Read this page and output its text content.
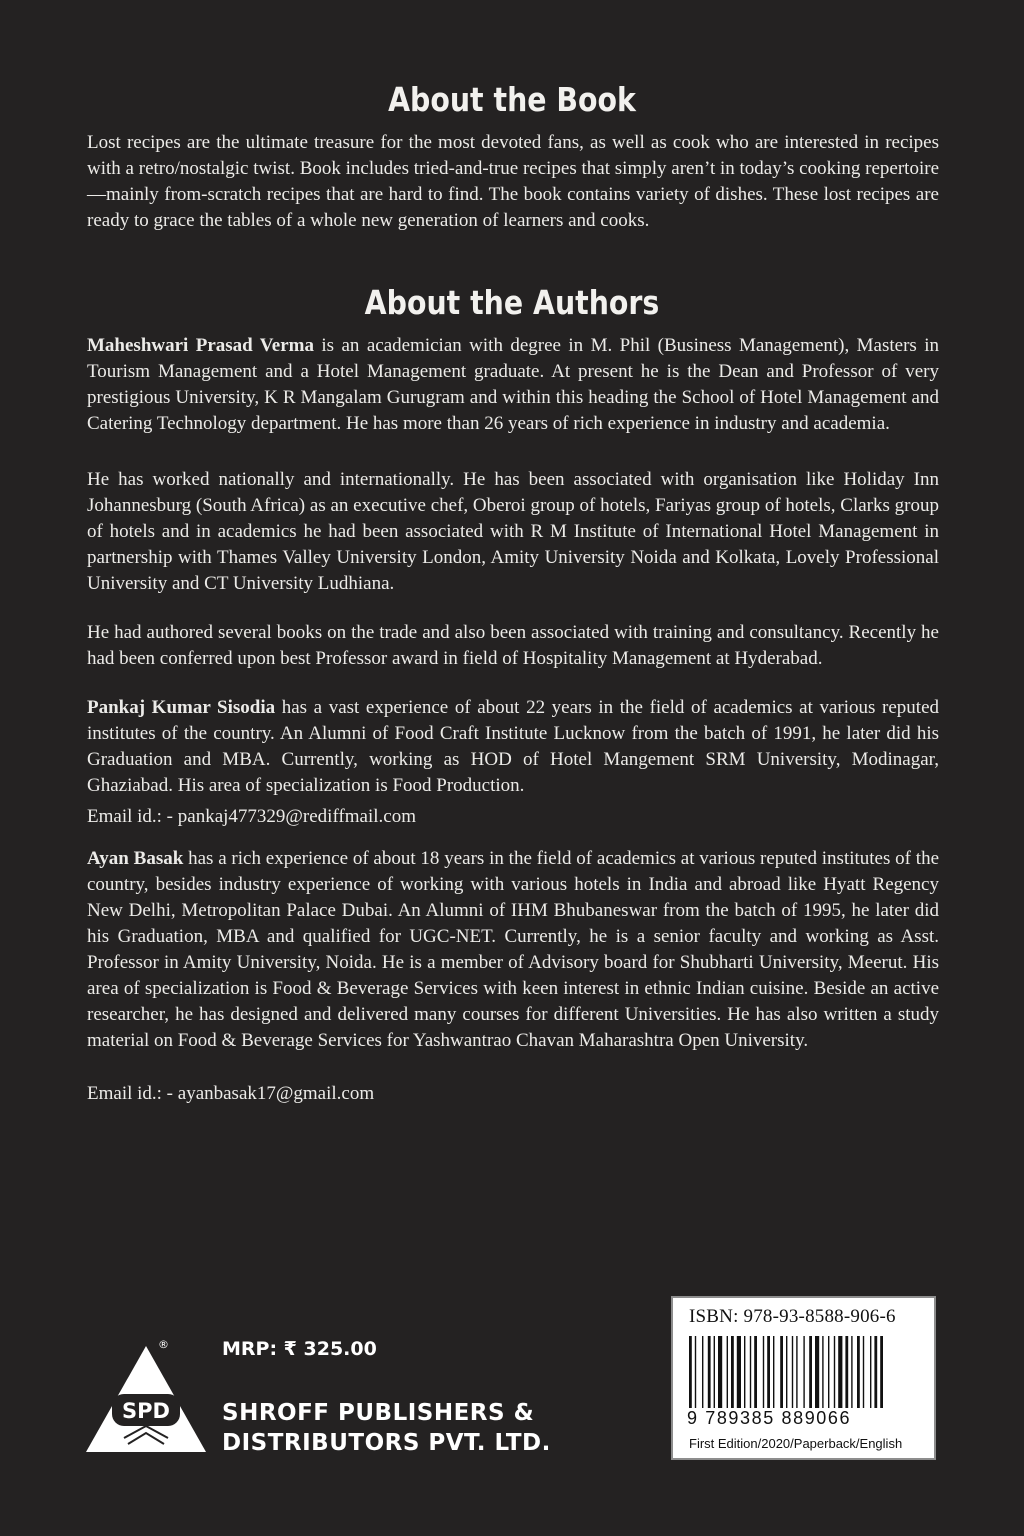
About the Book

Lost recipes are the ultimate treasure for the most devoted fans, as well as cook who are interested in recipes with a retro/nostalgic twist. Book includes tried-and-true recipes that simply aren’t in today’s cooking repertoire—mainly from-scratch recipes that are hard to find. The book contains variety of dishes. These lost recipes are ready to grace the tables of a whole new generation of learners and cooks.

About the Authors

Maheshwari Prasad Verma is an academician with degree in M. Phil (Business Management), Masters in Tourism Management and a Hotel Management graduate. At present he is the Dean and Professor of very prestigious University, K R Mangalam Gurugram and within this heading the School of Hotel Management and Catering Technology department. He has more than 26 years of rich experience in industry and academia.

He has worked nationally and internationally. He has been associated with organisation like Holiday Inn Johannesburg (South Africa) as an executive chef, Oberoi group of hotels, Fariyas group of hotels, Clarks group of hotels and in academics he had been associated with R M Institute of International Hotel Management in partnership with Thames Valley University London, Amity University Noida and Kolkata, Lovely Professional University and CT University Ludhiana.

He had authored several books on the trade and also been associated with training and consultancy. Recently he had been conferred upon best Professor award in field of Hospitality Management at Hyderabad.

Pankaj Kumar Sisodia has a vast experience of about 22 years in the field of academics at various reputed institutes of the country. An Alumni of Food Craft Institute Lucknow from the batch of 1991, he later did his Graduation and MBA. Currently, working as HOD of Hotel Mangement SRM University, Modinagar, Ghaziabad. His area of specialization is Food Production.

Email id.: - pankaj477329@rediffmail.com

Ayan Basak has a rich experience of about 18 years in the field of academics at various reputed institutes of the country, besides industry experience of working with various hotels in India and abroad like Hyatt Regency New Delhi, Metropolitan Palace Dubai. An Alumni of IHM Bhubaneswar from the batch of 1995, he later did his Graduation, MBA and qualified for UGC-NET. Currently, he is a senior faculty and working as Asst. Professor in Amity University, Noida. He is a member of Advisory board for Shubharti University, Meerut. His area of specialization is Food & Beverage Services with keen interest in ethnic Indian cuisine. Beside an active researcher, he has designed and delivered many courses for different Universities. He has also written a study material on Food & Beverage Services for Yashwantrao Chavan Maharashtra Open University.

Email id.: - ayanbasak17@gmail.com

SPD
®	MRP: ₹ 325.00

SHROFF PUBLISHERS &

DISTRIBUTORS PVT. LTD.

ISBN: 978-93-8588-906-6

9 789385 889066

First Edition/2020/Paperback/English
